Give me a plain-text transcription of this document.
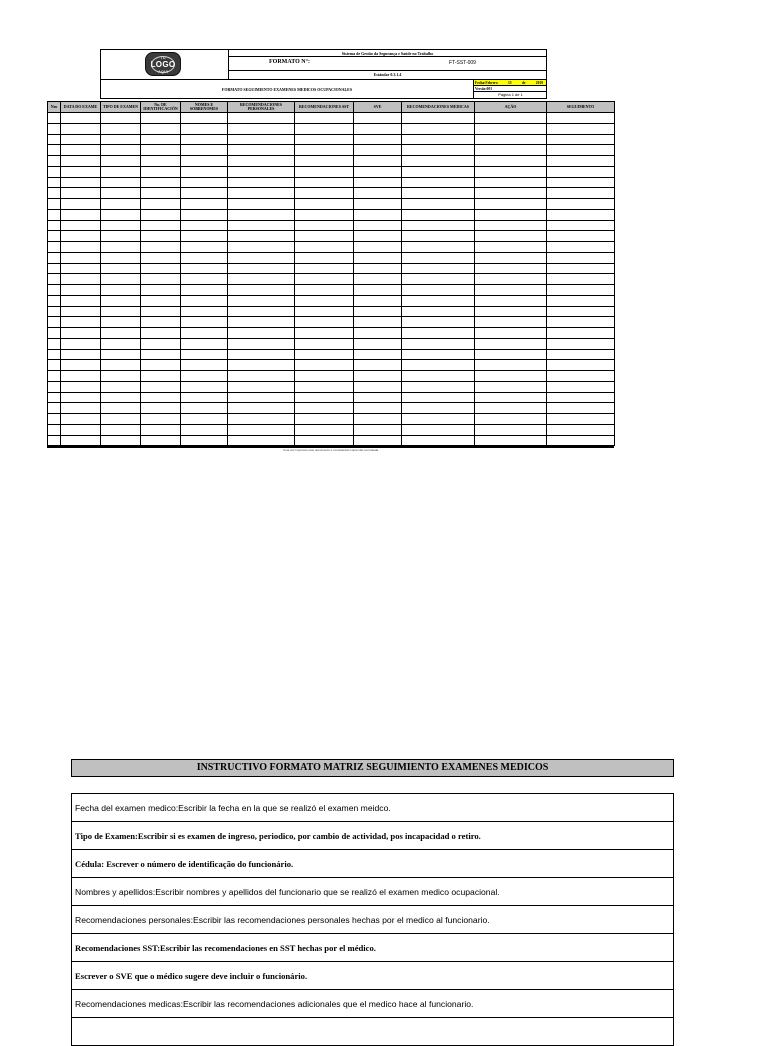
TU
LOGO
AQUI
Sistema de Gestão da Segurança e Saúde no Trabalho
FORMATO N°:	FT-SST-009
Estándar 0.3.1.4
FORMATO SEGUIMIENTO EXAMENES MEDICOS OCUPACIONALES
Fecha:Febrero	15	de	2019
Versão:001
Página 1 de 1
Nro	DATA DO EXAME	TIPO DE EXAMEN	No. DE IDENTIFICACIÓN	NOMES E SOBRENOMES	RECOMENDACIONES PERSONALES	RECOMENDACIONES SST	SVE	RECOMENDACIONES MEDICAS	AÇÃO	SEGUIMENTO

Uma vez impresso este documento é considerado cópia não controlada
INSTRUCTIVO FORMATO MATRIZ SEGUIMIENTO EXAMENES MEDICOS
Fecha del examen medico:Escribir la fecha en la que se realizó el examen meidco.
Tipo de Examen:Escribir si es examen de ingreso, periodico, por cambio de actividad, pos incapacidad o retiro.
Cédula: Escrever o número de identificação do funcionário.
Nombres y apellidos:Escribir nombres y apellidos del funcionario que se realizó el examen medico ocupacional.
Recomendaciones personales:Escribir las recomendaciones personales hechas por el medico al funcionario.
Recomendaciones SST:Escribir las recomendaciones en SST hechas por el médico.
Escrever o SVE que o médico sugere deve incluir o funcionário.
Recomendaciones medicas:Escribir las recomendaciones adicionales que el medico hace al funcionario.
